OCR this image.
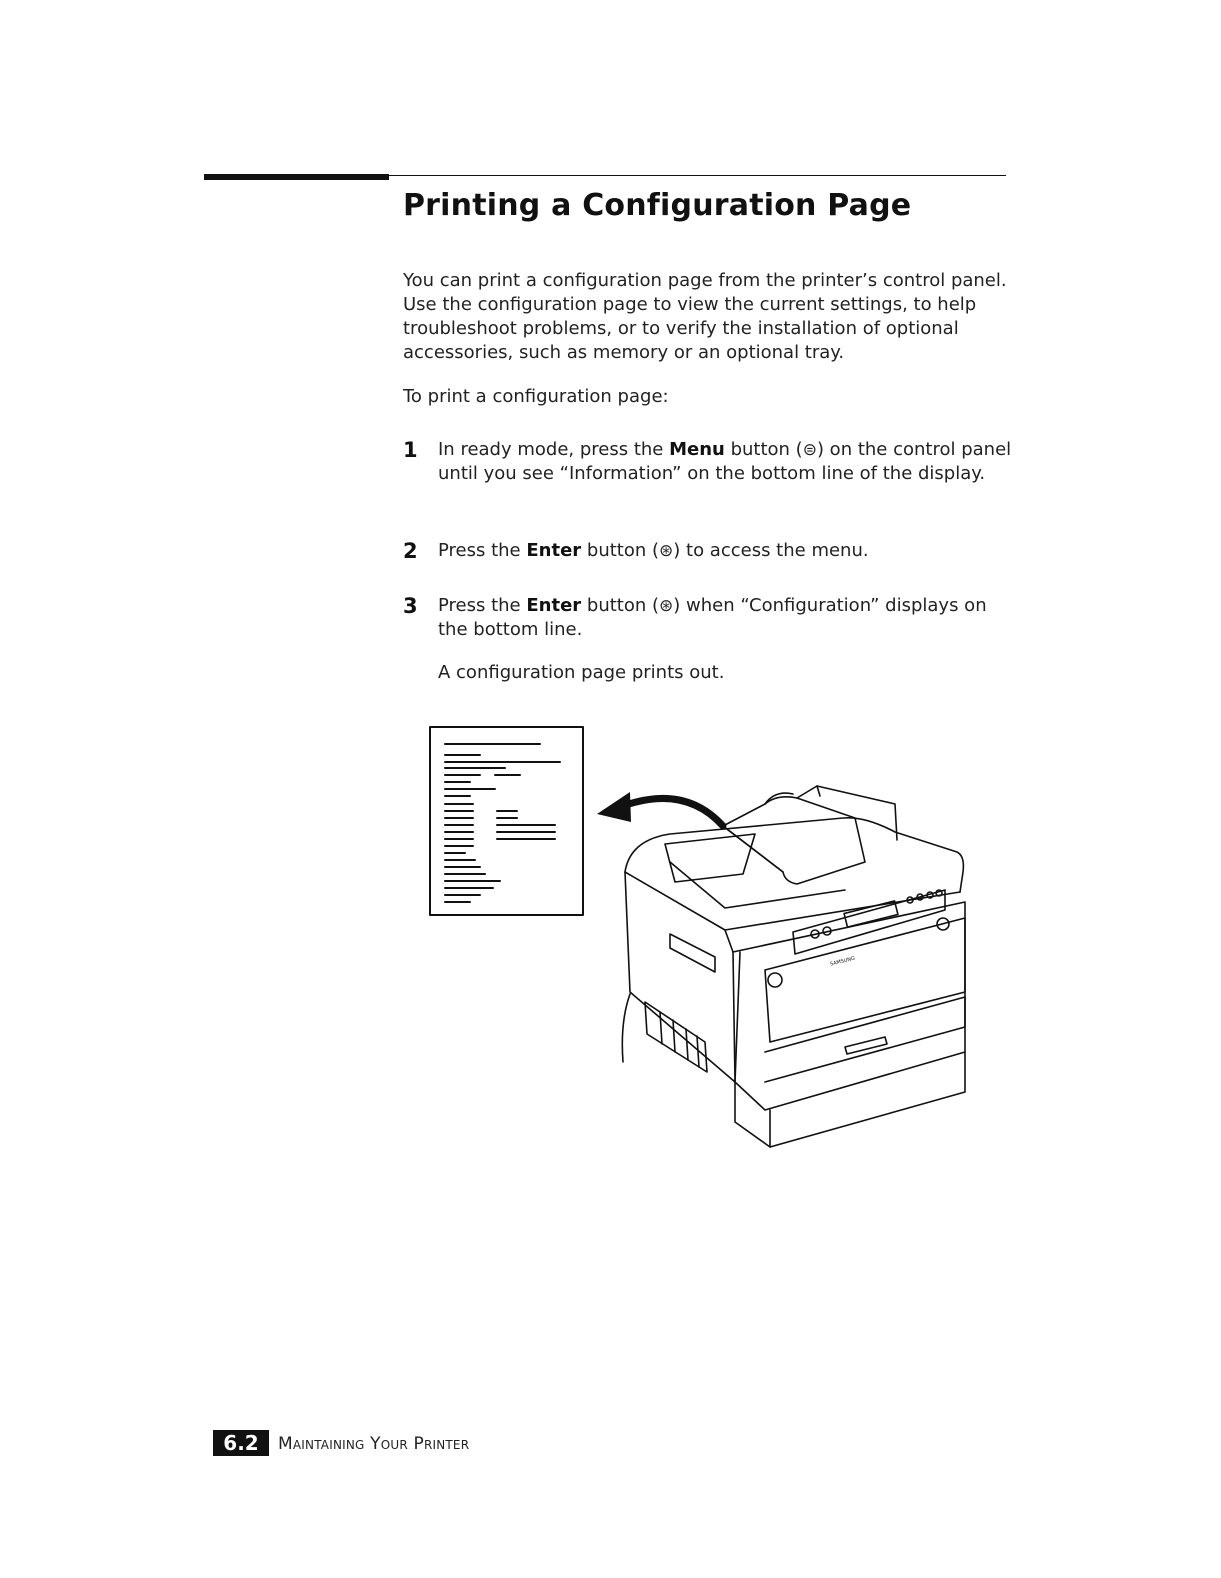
Printing a Configuration Page

You can print a configuration page from the printer’s control panel. Use the configuration page to view the current settings, to help troubleshoot problems, or to verify the installation of optional accessories, such as memory or an optional tray.

To print a configuration page:

1 In ready mode, press the Menu button (⊜) on the control panel until you see “Information” on the bottom line of the display.

2 Press the Enter button (⊛) to access the menu.

3 Press the Enter button (⊛) when “Configuration” displays on the bottom line.

A configuration page prints out.

SAMSUNG
6.2	Maintaining Your Printer
